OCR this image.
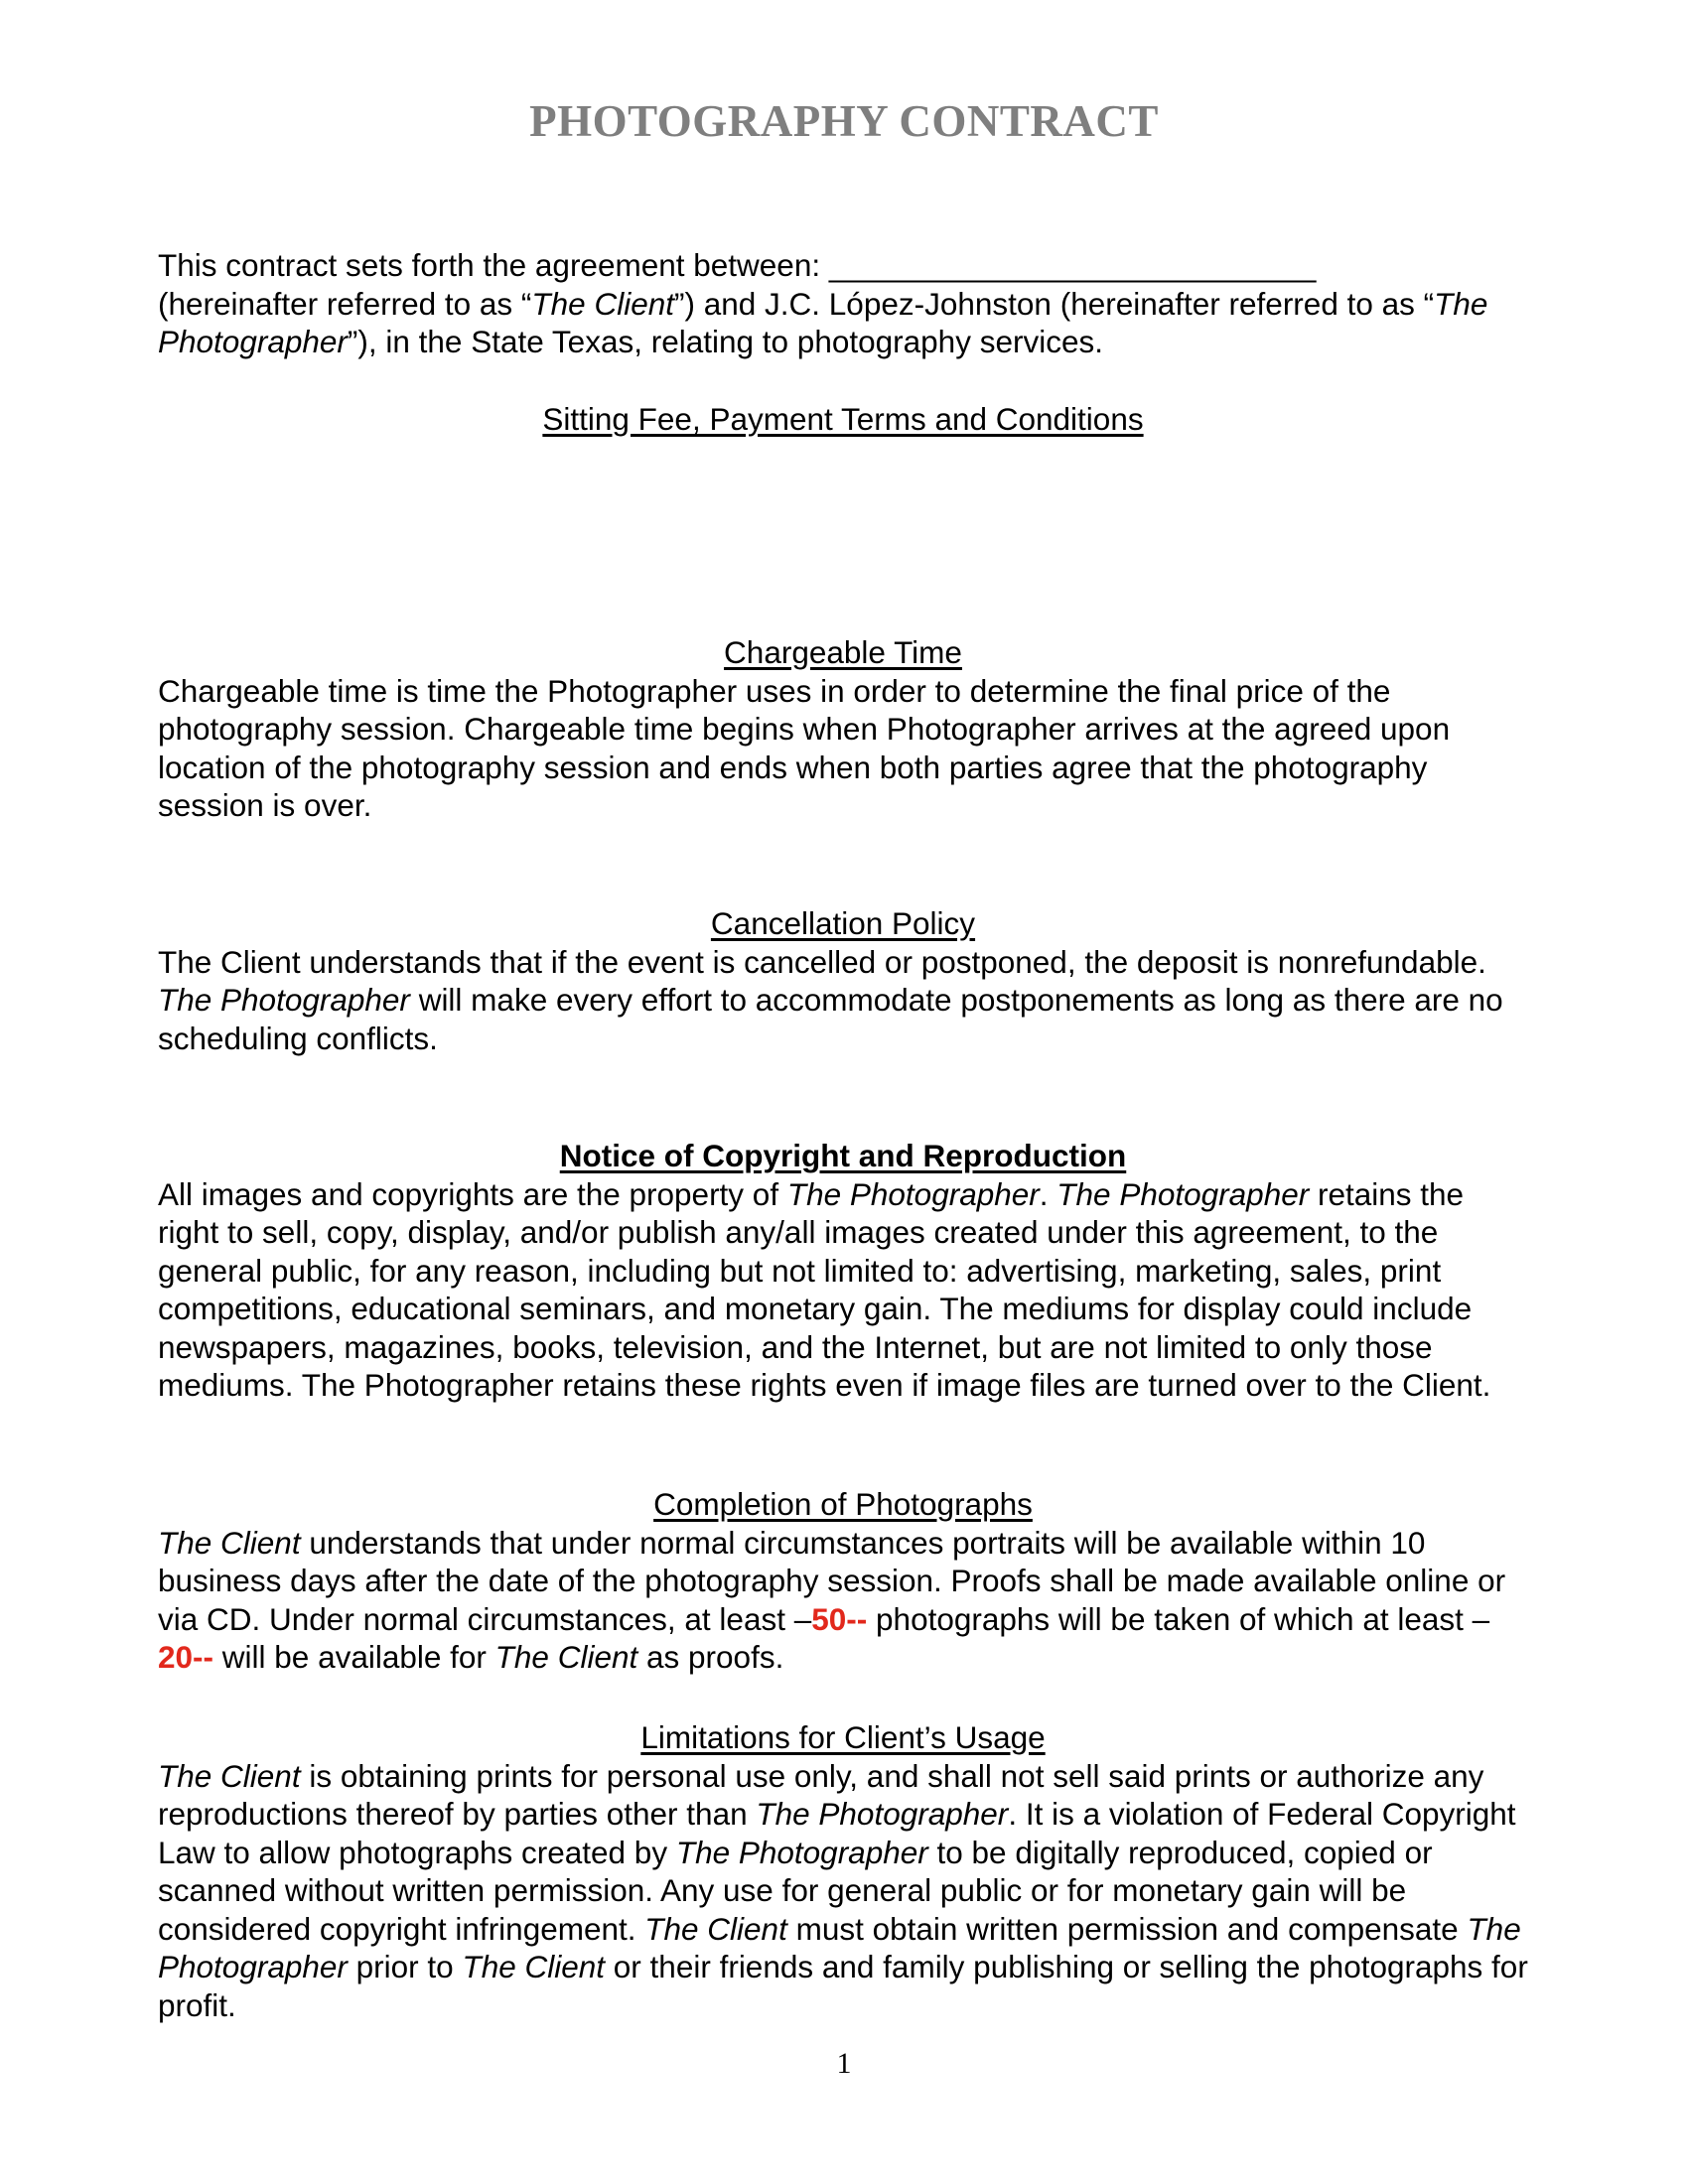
PHOTOGRAPHY CONTRACT

This contract sets forth the agreement between: ____________________________
(hereinafter referred to as “The Client”) and J.C. López-Johnston (hereinafter referred to as “The Photographer”), in the State Texas, relating to photography services.

Sitting Fee, Payment Terms and Conditions

Chargeable Time

Chargeable time is time the Photographer uses in order to determine the final price of the photography session. Chargeable time begins when Photographer arrives at the agreed upon location of the photography session and ends when both parties agree that the photography session is over.

Cancellation Policy

The Client understands that if the event is cancelled or postponed, the deposit is nonrefundable. The Photographer will make every effort to accommodate postponements as long as there are no scheduling conflicts.

Notice of Copyright and Reproduction

All images and copyrights are the property of The Photographer. The Photographer retains the right to sell, copy, display, and/or publish any/all images created under this agreement, to the general public, for any reason, including but not limited to: advertising, marketing, sales, print competitions, educational seminars, and monetary gain. The mediums for display could include newspapers, magazines, books, television, and the Internet, but are not limited to only those mediums. The Photographer retains these rights even if image files are turned over to the Client.

Completion of Photographs

The Client understands that under normal circumstances portraits will be available within 10 business days after the date of the photography session. Proofs shall be made available online or via CD. Under normal circumstances, at least –50-- photographs will be taken of which at least –20-- will be available for The Client as proofs.

Limitations for Client’s Usage

The Client is obtaining prints for personal use only, and shall not sell said prints or authorize any reproductions thereof by parties other than The Photographer. It is a violation of Federal Copyright Law to allow photographs created by The Photographer to be digitally reproduced, copied or scanned without written permission. Any use for general public or for monetary gain will be considered copyright infringement. The Client must obtain written permission and compensate The Photographer prior to The Client or their friends and family publishing or selling the photographs for profit.

1
